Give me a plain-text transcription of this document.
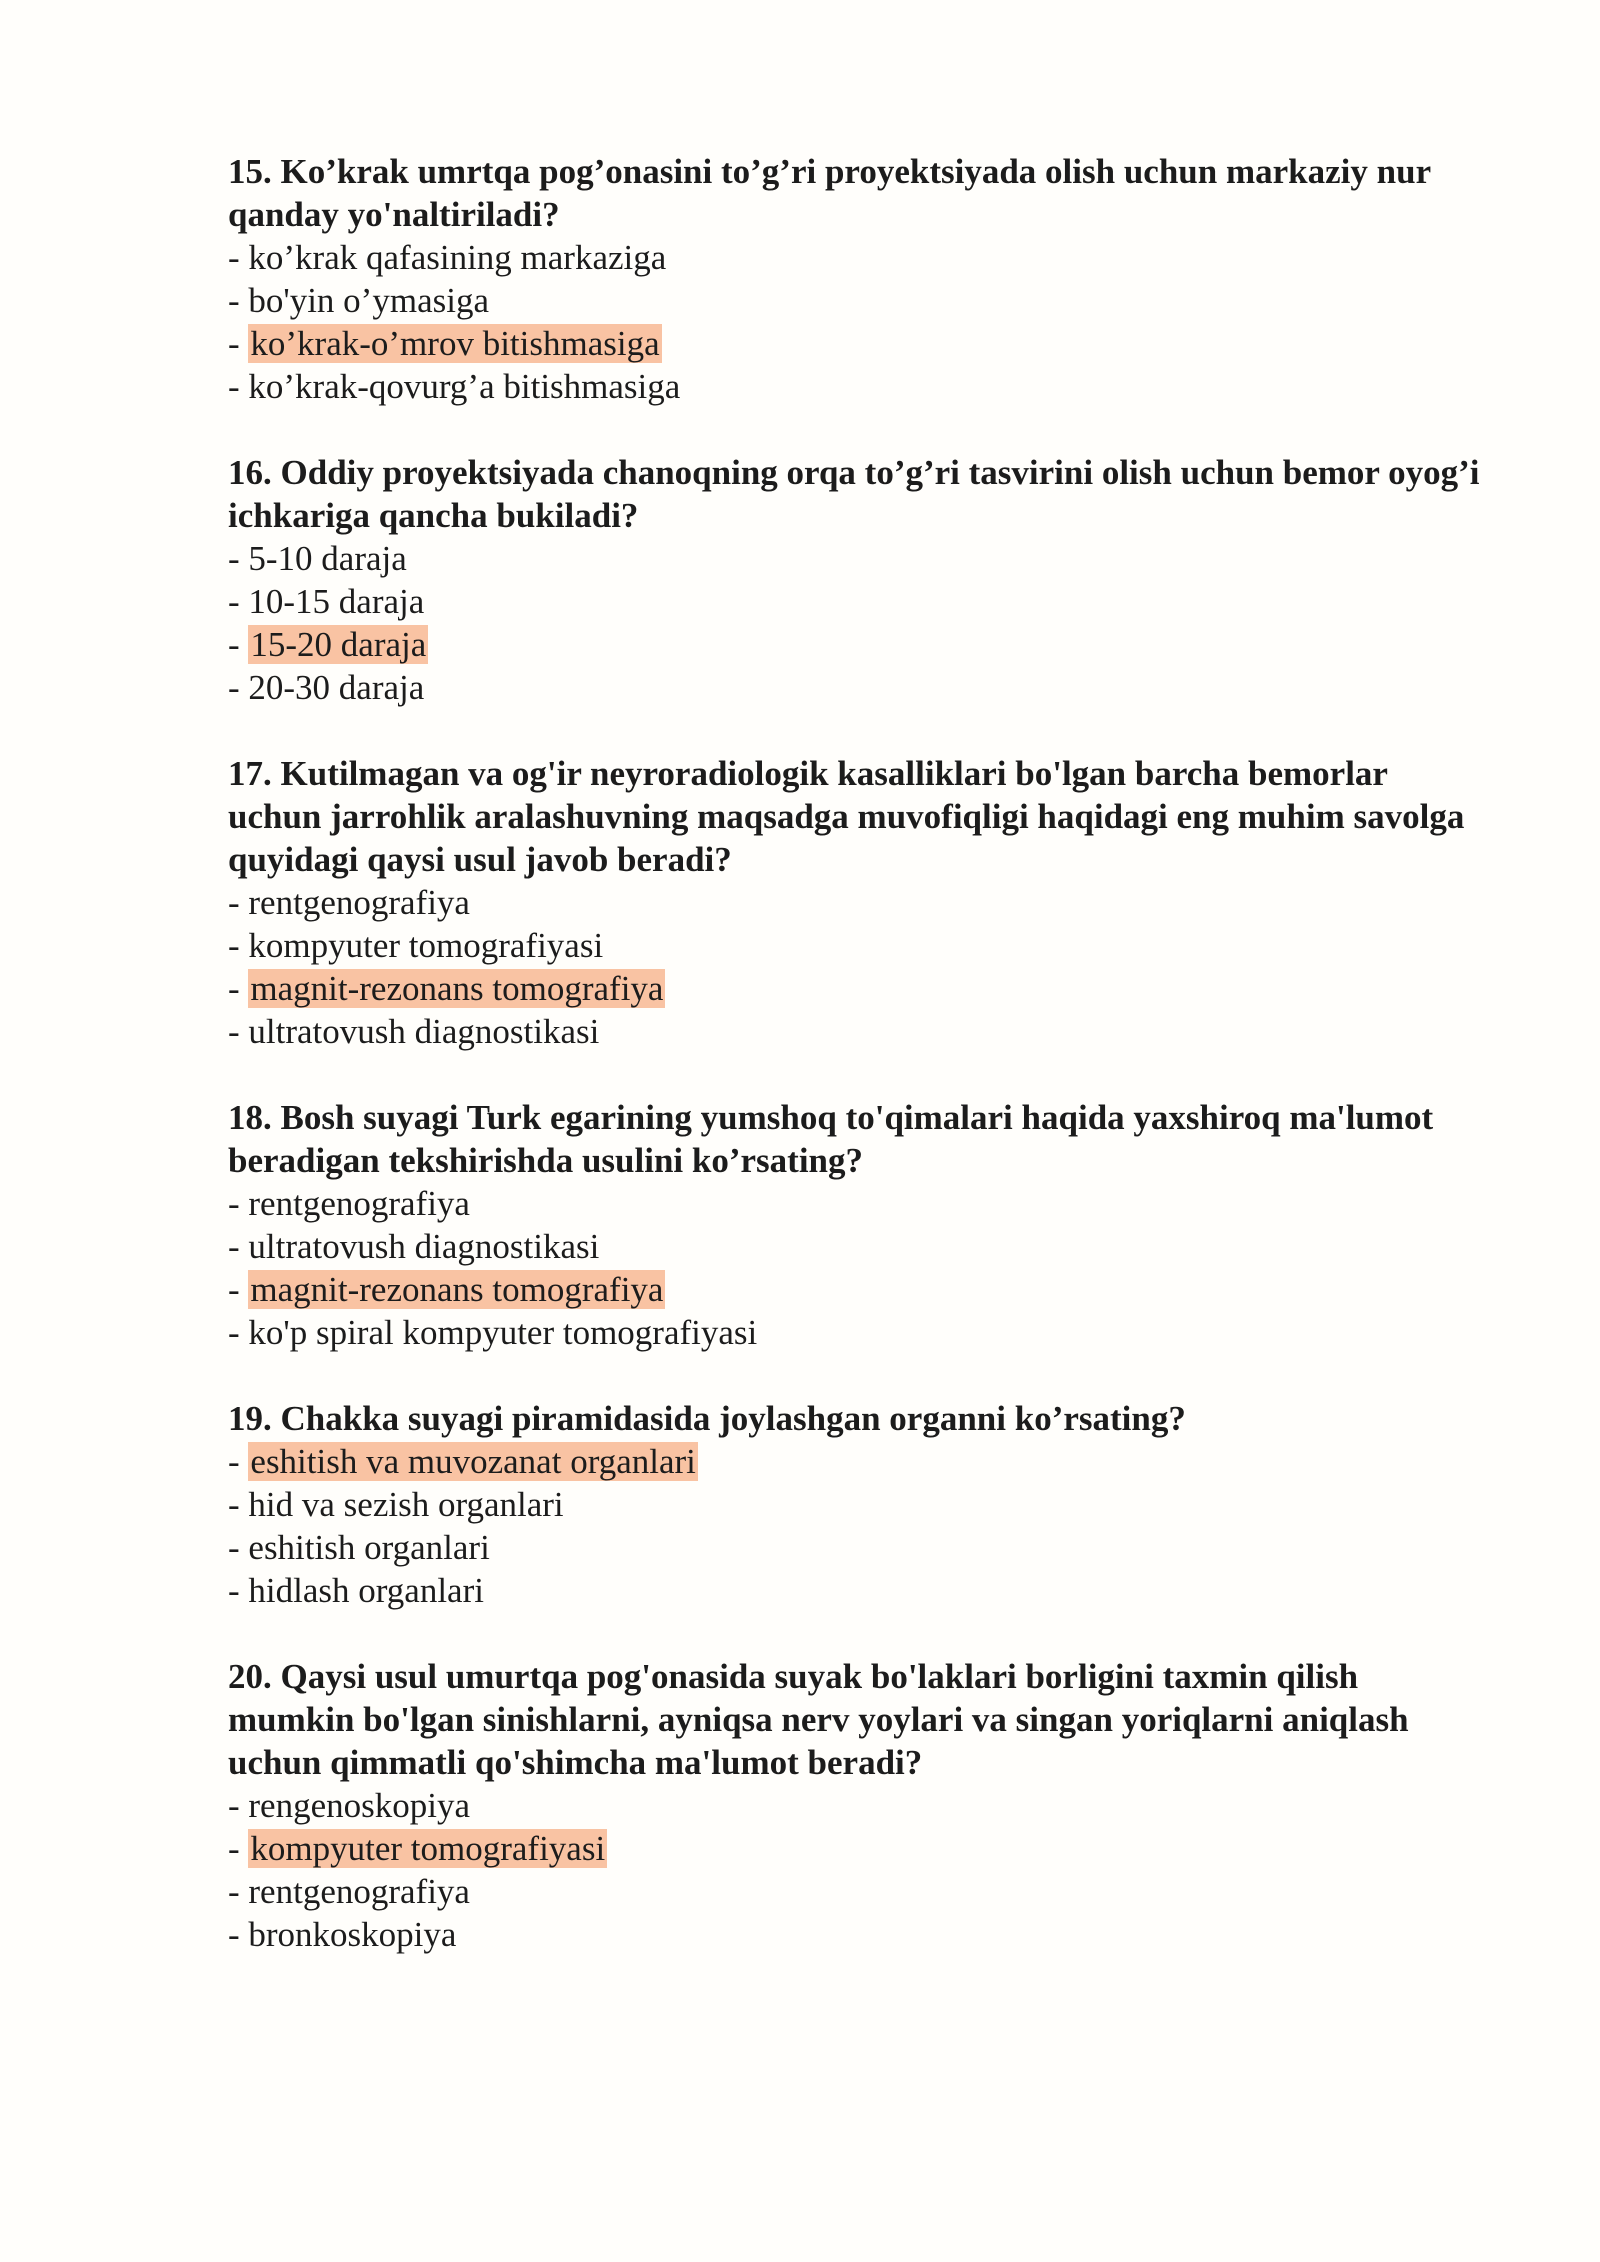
15. Ko’krak umrtqa pog’onasini to’g’ri proyektsiyada olish uchun markaziy nur qanday yo'naltiriladi?

- ko’krak qafasining markaziga

- bo'yin o’ymasiga

- ko’krak-o’mrov bitishmasiga

- ko’krak-qovurg’a bitishmasiga

16. Oddiy proyektsiyada chanoqning orqa to’g’ri tasvirini olish uchun bemor oyog’i ichkariga qancha bukiladi?

- 5-10 daraja

- 10-15 daraja

- 15-20 daraja

- 20-30 daraja

17. Kutilmagan va og'ir neyroradiologik kasalliklari bo'lgan barcha bemorlar uchun jarrohlik aralashuvning maqsadga muvofiqligi haqidagi eng muhim savolga quyidagi qaysi usul javob beradi?

- rentgenografiya

- kompyuter tomografiyasi

- magnit-rezonans tomografiya

- ultratovush diagnostikasi

18. Bosh suyagi Turk egarining yumshoq to'qimalari haqida yaxshiroq ma'lumot beradigan tekshirishda usulini ko’rsating?

- rentgenografiya

- ultratovush diagnostikasi

- magnit-rezonans tomografiya

- ko'p spiral kompyuter tomografiyasi

19. Chakka suyagi piramidasida joylashgan organni ko’rsating?

- eshitish va muvozanat organlari

- hid va sezish organlari

- eshitish organlari

- hidlash organlari

20. Qaysi usul umurtqa pog'onasida suyak bo'laklari borligini taxmin qilish mumkin bo'lgan sinishlarni, ayniqsa nerv yoylari va singan yoriqlarni aniqlash uchun qimmatli qo'shimcha ma'lumot beradi?

- rengenoskopiya

- kompyuter tomografiyasi

- rentgenografiya

- bronkoskopiya
